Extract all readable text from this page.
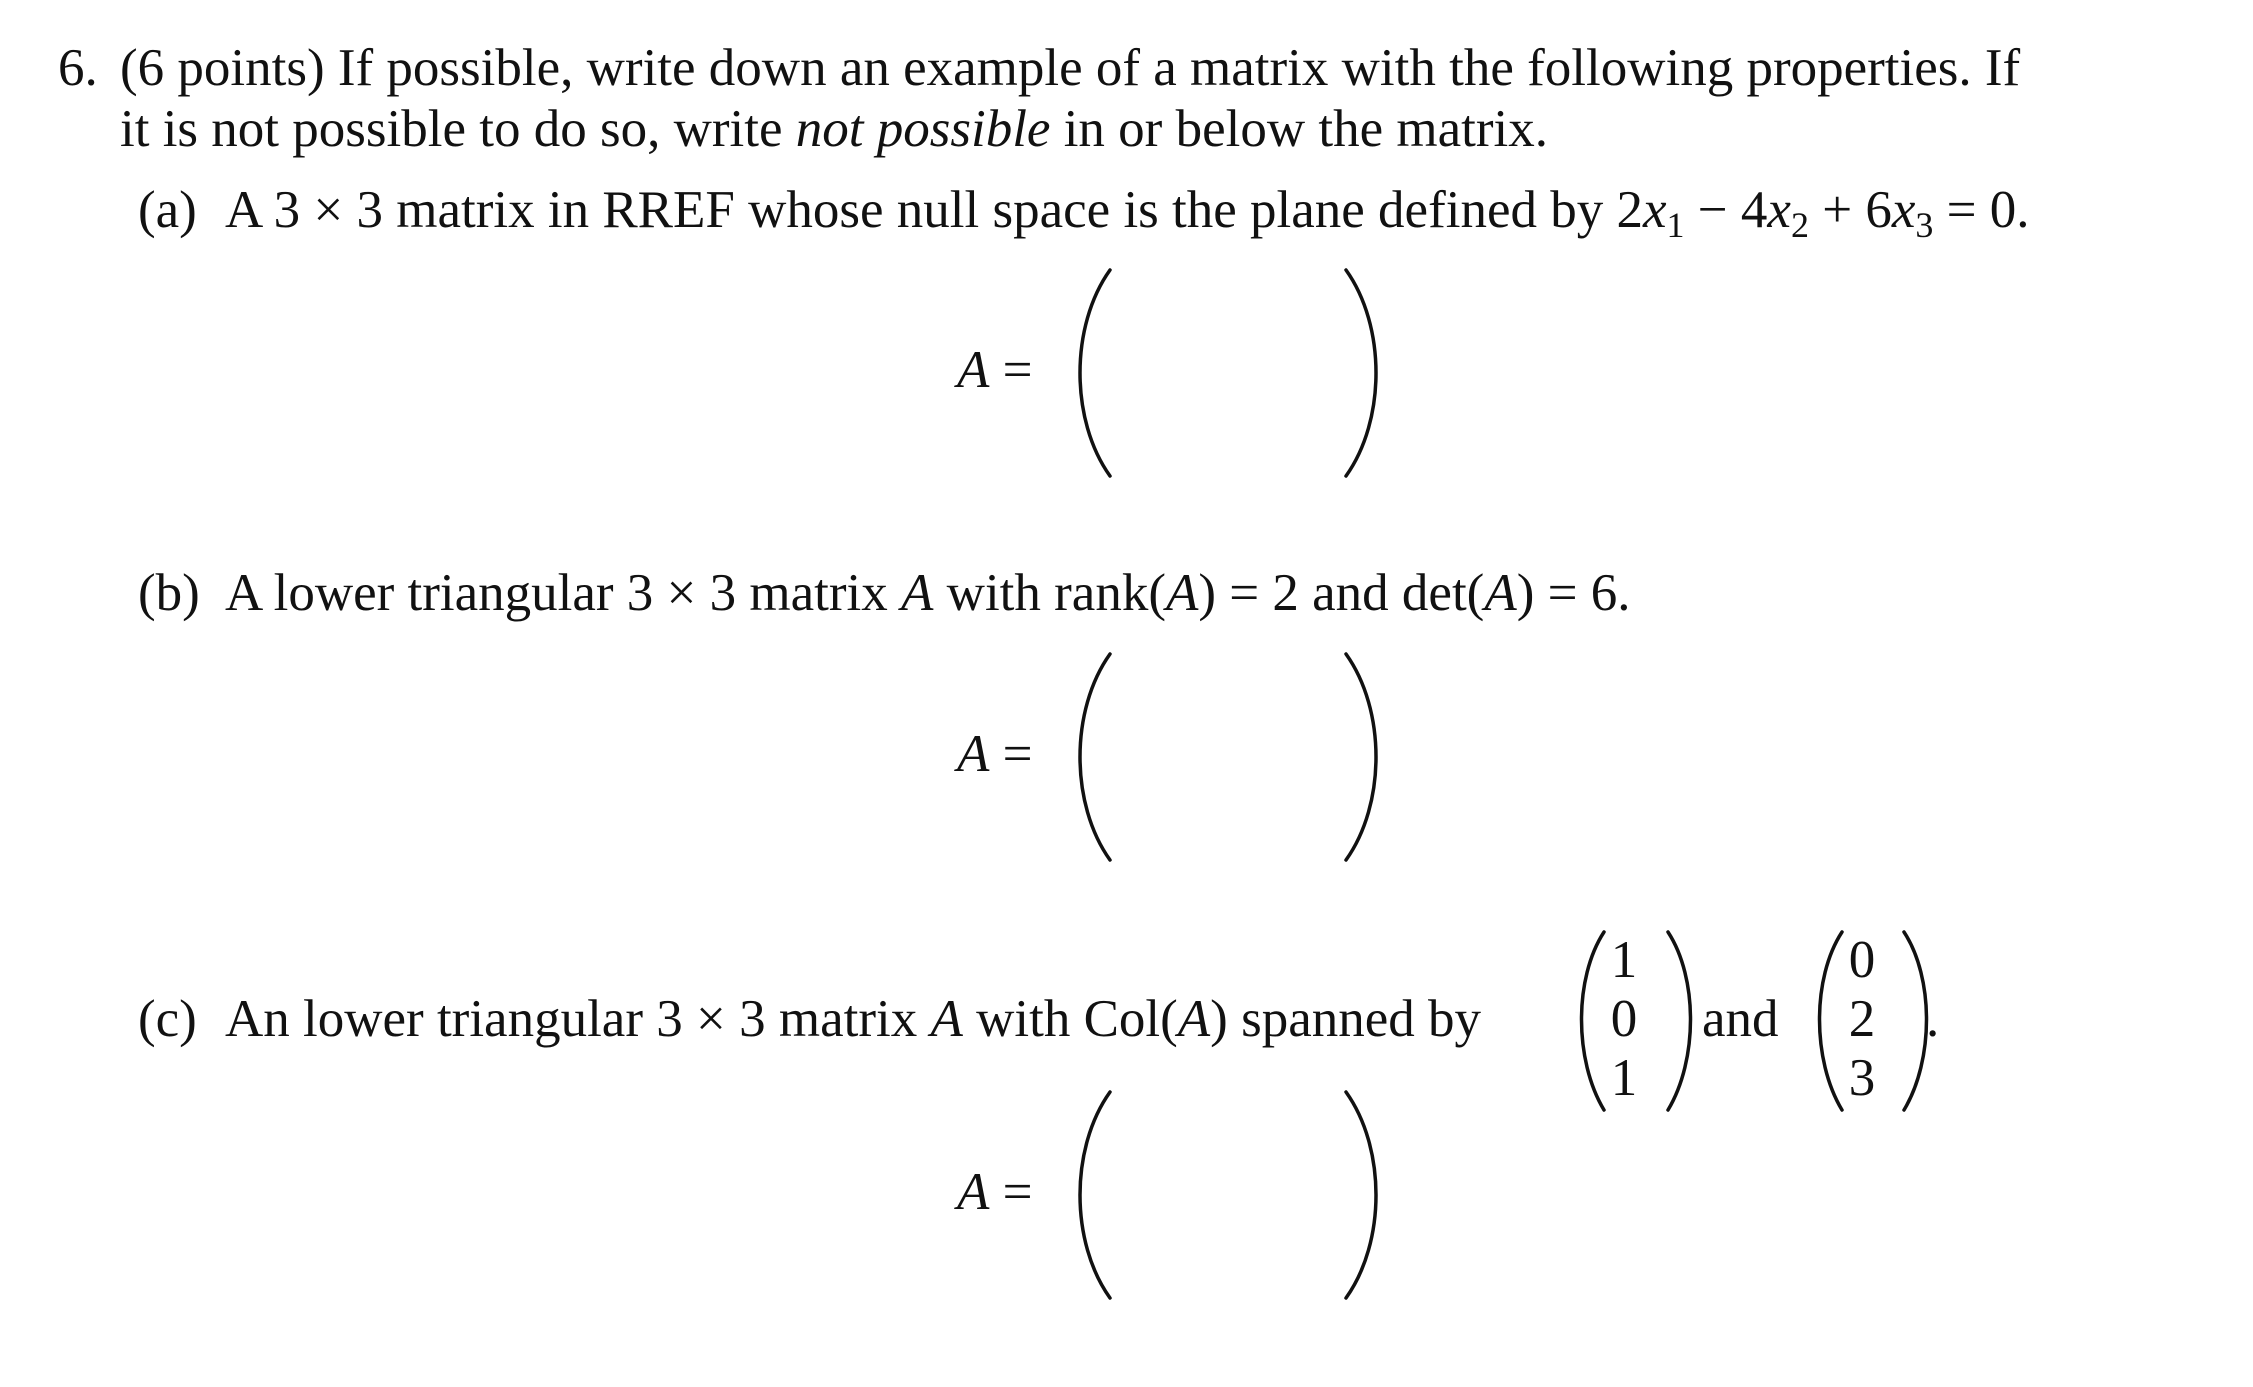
6. (6 points) If possible, write down an example of a matrix with the following properties. If
it is not possible to do so, write not possible in or below the matrix.
(a) A 3 × 3 matrix in RREF whose null space is the plane defined by 2x1 − 4x2 + 6x3 = 0.
A =
(b) A lower triangular 3 × 3 matrix A with rank(A) = 2 and det(A) = 6.
A =
(c) An lower triangular 3 × 3 matrix A with Col(A) spanned by
1
0
1
and
0
2
3
.
A =
